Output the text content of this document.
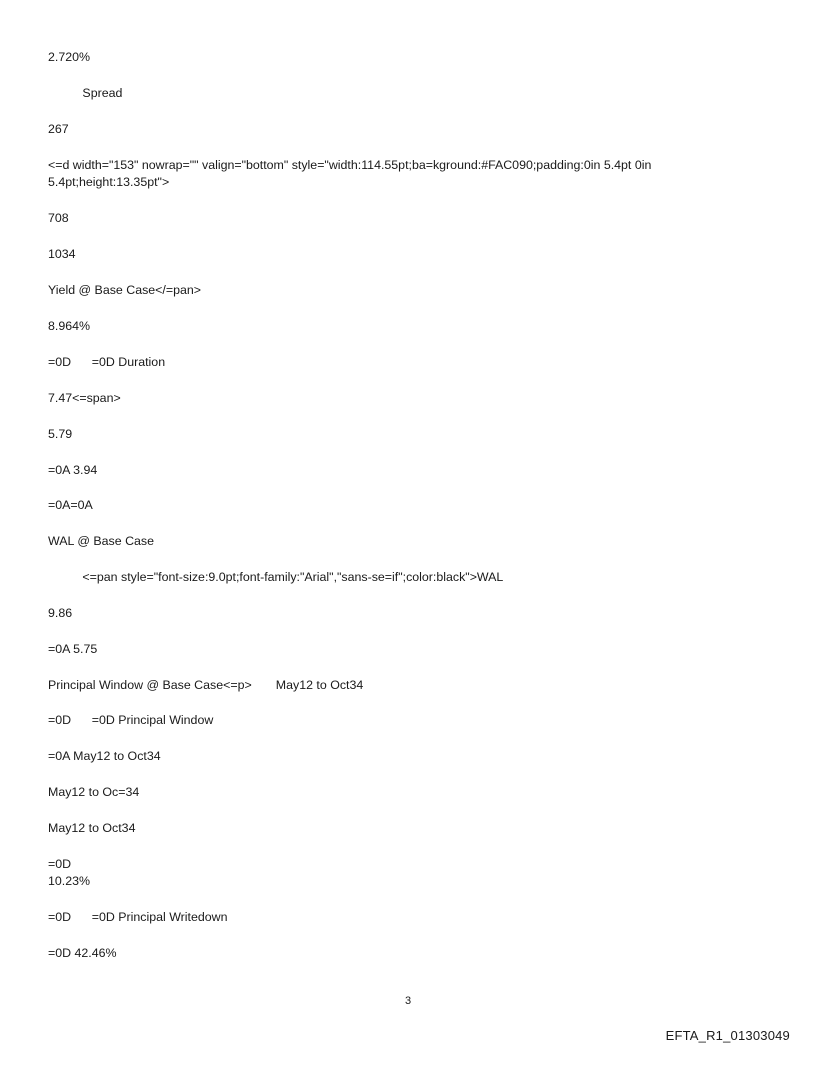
2.720%
Spread
267
<=d width="153" nowrap="" valign="bottom" style="width:114.55pt;ba=kground:#FAC090;padding:0in 5.4pt 0in 5.4pt;height:13.35pt">
708
1034
Yield @ Base Case</=pan>
8.964%
=0D      =0D Duration
7.47<=span>
5.79
=0A 3.94
=0A=0A
WAL @ Base Case
<=pan style="font-size:9.0pt;font-family:"Arial","sans-se=if";color:black">WAL
9.86
=0A 5.75
Principal Window @ Base Case<=p>       May12 to Oct34
=0D      =0D Principal Window
=0A May12 to Oct34
May12 to Oc=34
May12 to Oct34
=0D
10.23%
=0D      =0D Principal Writedown
=0D 42.46%
3
EFTA_R1_01303049
